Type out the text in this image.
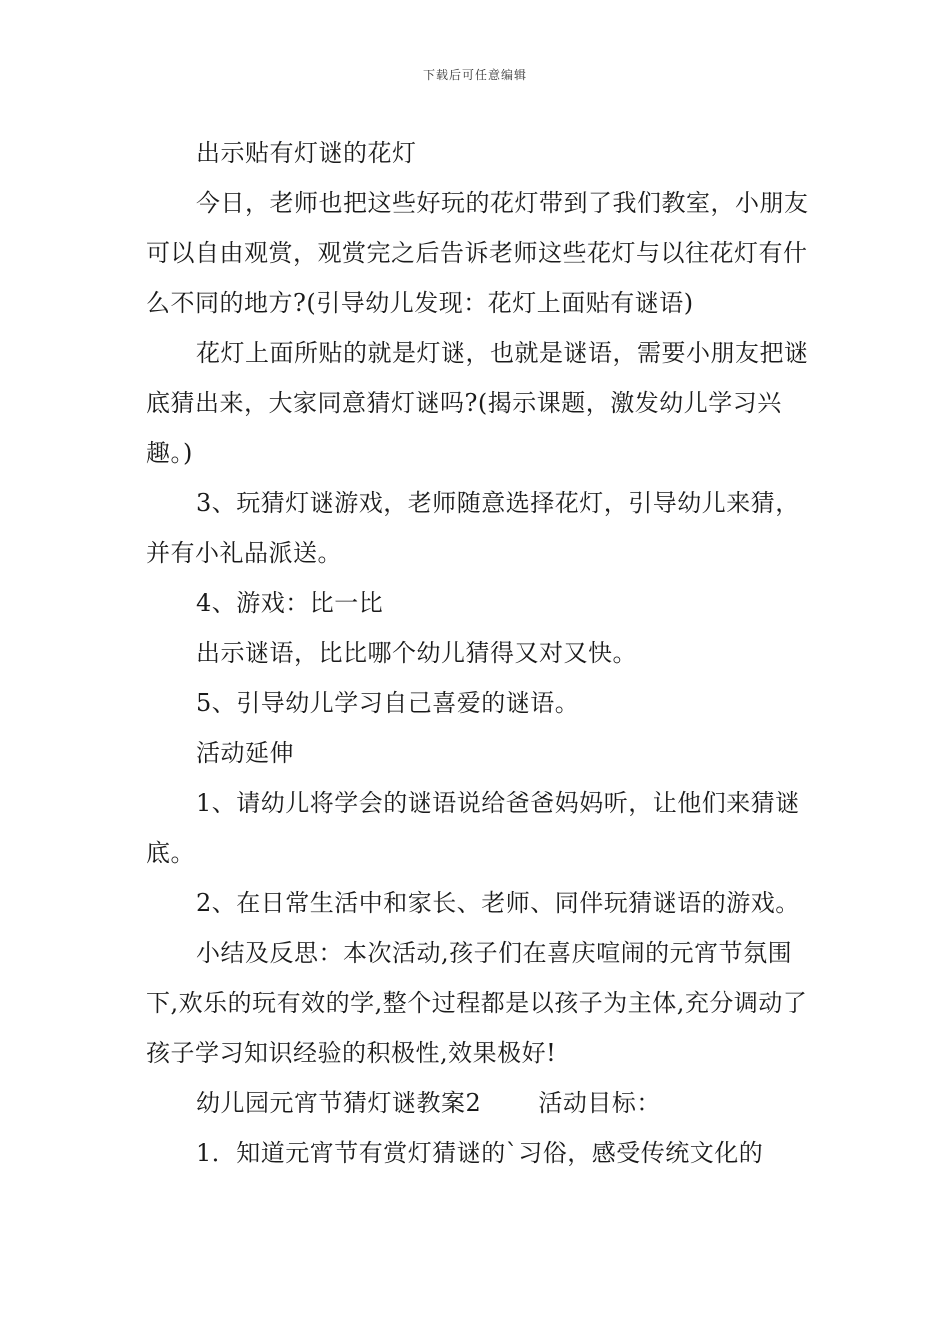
下载后可任意编辑

出示贴有灯谜的花灯

今日，老师也把这些好玩的花灯带到了我们教室，小朋友可以自由观赏，观赏完之后告诉老师这些花灯与以往花灯有什么不同的地方?(引导幼儿发现：花灯上面贴有谜语)

花灯上面所贴的就是灯谜，也就是谜语，需要小朋友把谜底猜出来，大家同意猜灯谜吗?(揭示课题，激发幼儿学习兴趣。)

3、玩猜灯谜游戏，老师随意选择花灯，引导幼儿来猜，并有小礼品派送。

4、游戏：比一比

出示谜语，比比哪个幼儿猜得又对又快。

5、引导幼儿学习自己喜爱的谜语。

活动延伸

1、请幼儿将学会的谜语说给爸爸妈妈听，让他们来猜谜底。

2、在日常生活中和家长、老师、同伴玩猜谜语的游戏。

小结及反思：本次活动,孩子们在喜庆喧闹的元宵节氛围下,欢乐的玩有效的学,整个过程都是以孩子为主体,充分调动了孩子学习知识经验的积极性,效果极好!

幼儿园元宵节猜灯谜教案2　　 活动目标：

1．知道元宵节有赏灯猜谜的`习俗，感受传统文化的
